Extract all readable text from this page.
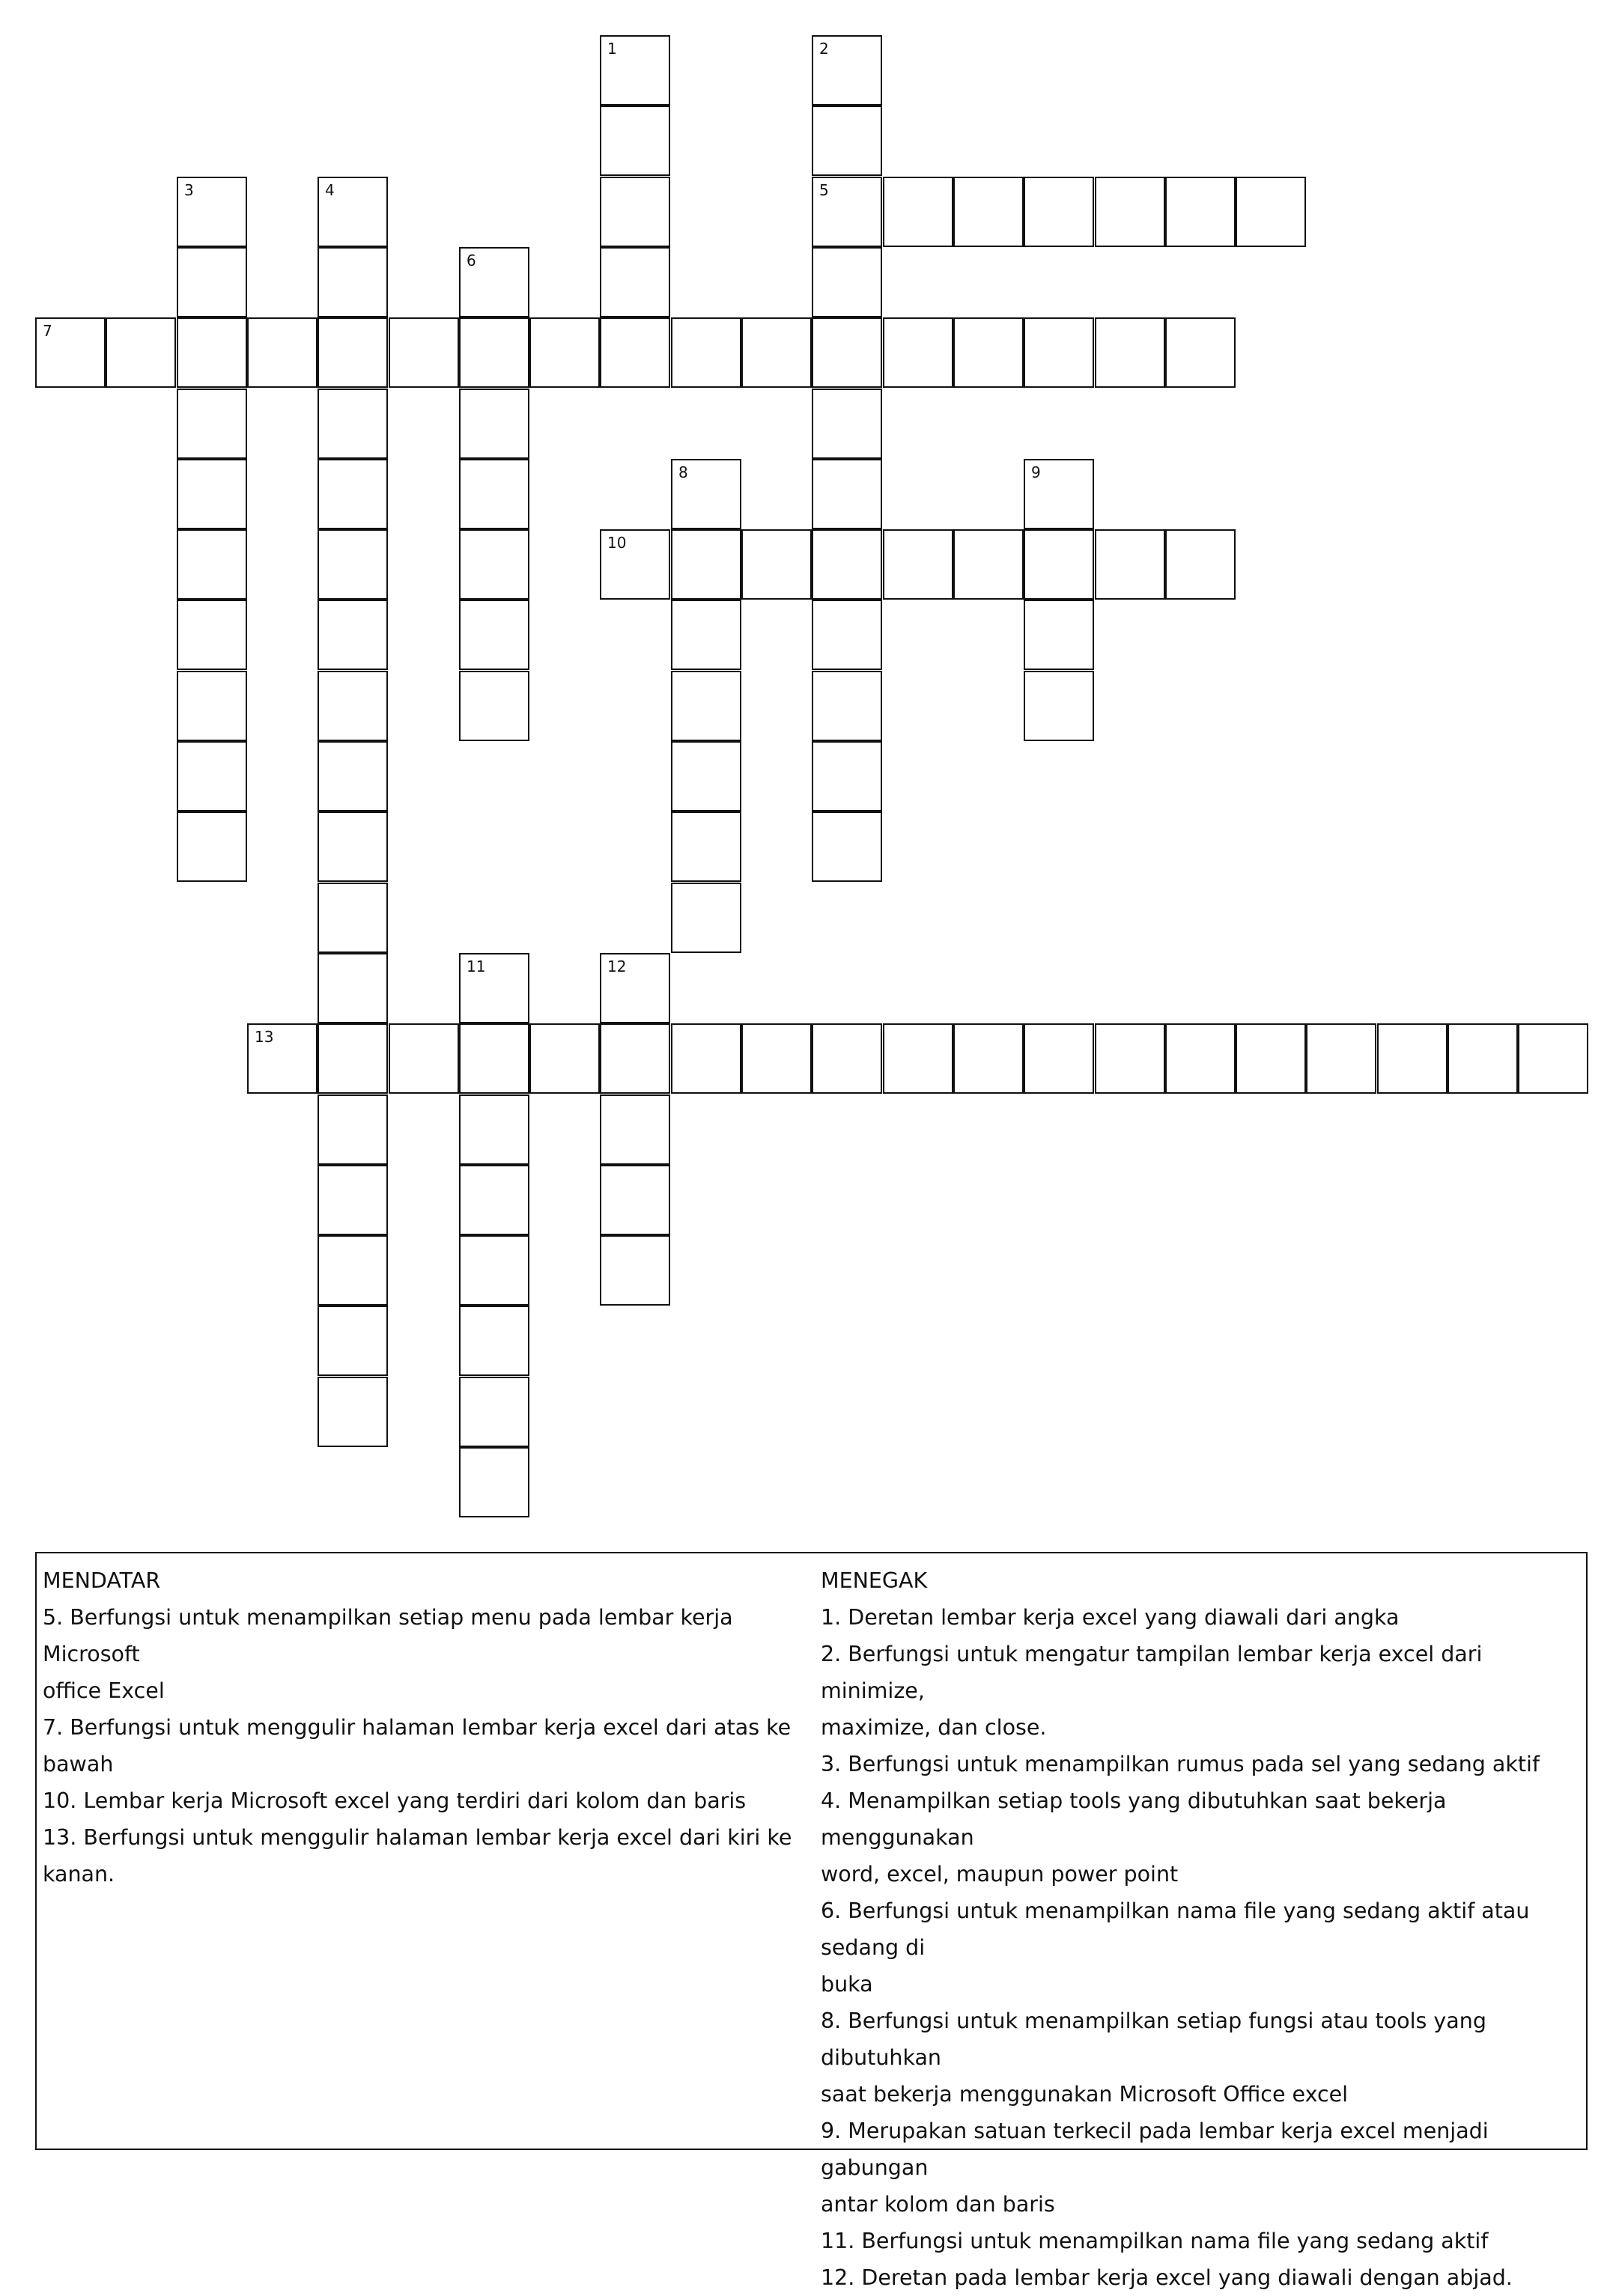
1	2
5
3	4
6
7
8	9
10
11	12
13
MENDATAR
5. Berfungsi untuk menampilkan setiap menu pada lembar kerja Microsoft
office Excel
7. Berfungsi untuk menggulir halaman lembar kerja excel dari atas ke
bawah
10. Lembar kerja Microsoft excel yang terdiri dari kolom dan baris
13. Berfungsi untuk menggulir halaman lembar kerja excel dari kiri ke
kanan.
MENEGAK
1. Deretan lembar kerja excel yang diawali dari angka
2. Berfungsi untuk mengatur tampilan lembar kerja excel dari minimize,
maximize, dan close.
3. Berfungsi untuk menampilkan rumus pada sel yang sedang aktif
4. Menampilkan setiap tools yang dibutuhkan saat bekerja menggunakan
word, excel, maupun power point
6. Berfungsi untuk menampilkan nama file yang sedang aktif atau sedang di
buka
8. Berfungsi untuk menampilkan setiap fungsi atau tools yang dibutuhkan
saat bekerja menggunakan Microsoft Office excel
9. Merupakan satuan terkecil pada lembar kerja excel menjadi gabungan
antar kolom dan baris
11. Berfungsi untuk menampilkan nama file yang sedang aktif
12. Deretan pada lembar kerja excel yang diawali dengan abjad.
